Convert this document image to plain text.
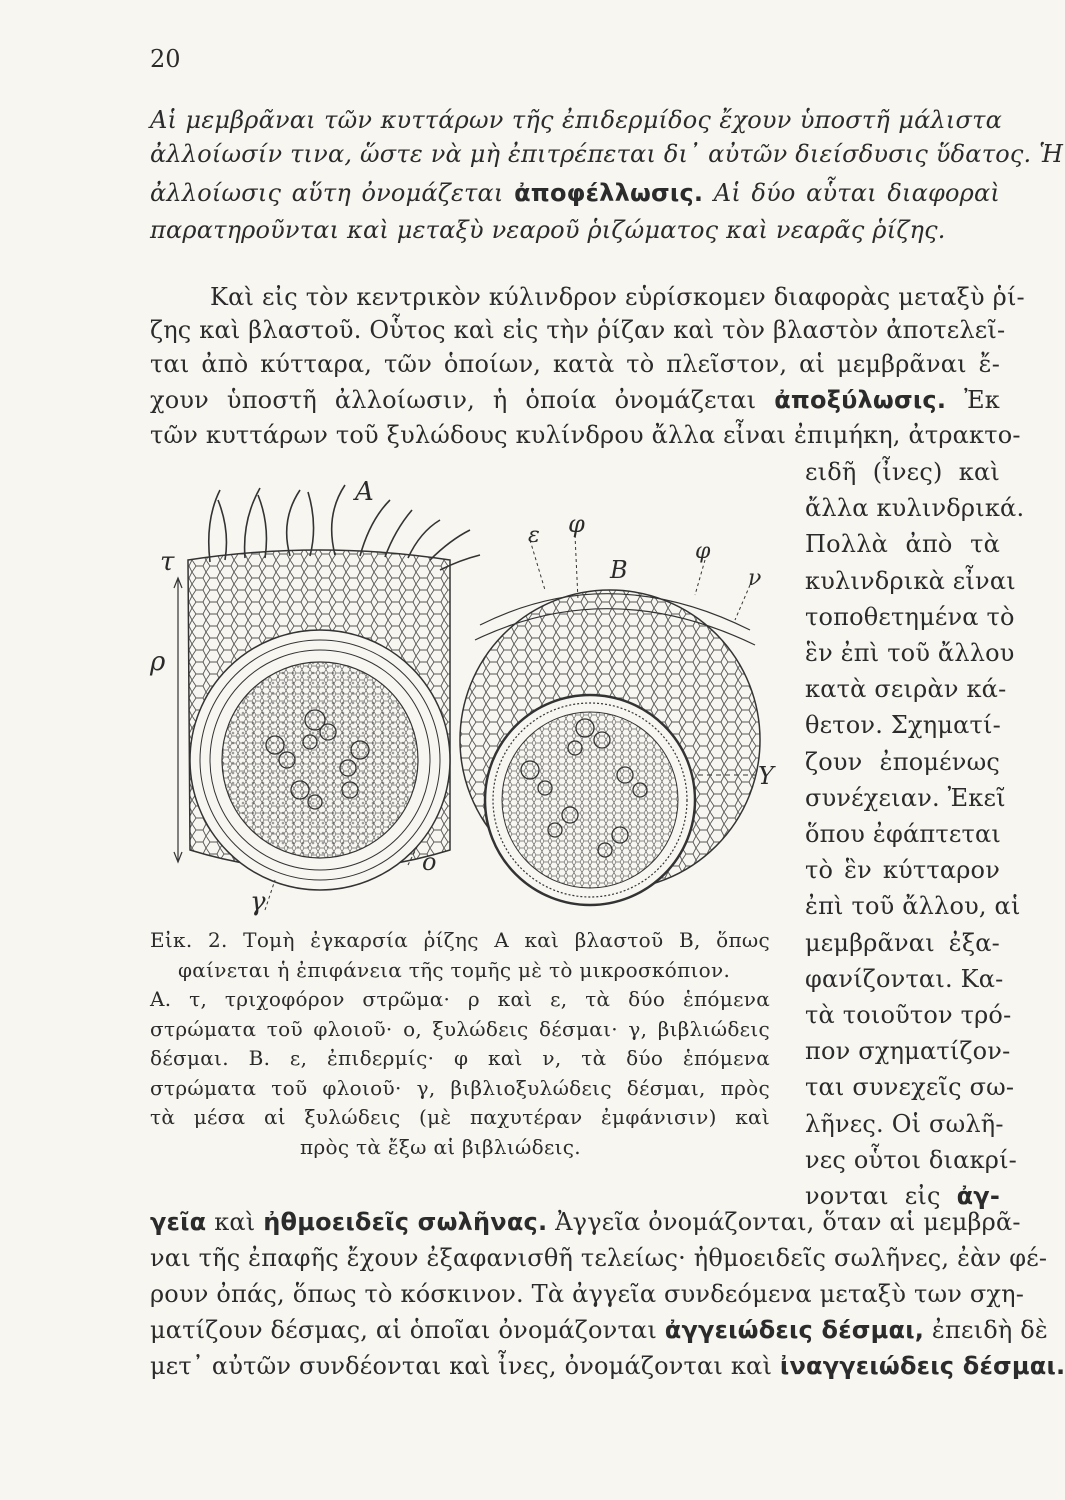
20
Αἱ μεμβρᾶναι τῶν κυττάρων τῆς ἐπιδερμίδος ἔχουν ὑποστῆ μάλιστα
ἀλλοίωσίν τινα, ὥστε νὰ μὴ ἐπιτρέπεται δι᾽ αὐτῶν διείσδυσις ὕδατος. Ἡ
ἀλλοίωσις αὕτη ὀνομάζεται ἀποφέλλωσις. Αἱ δύο αὗται διαφοραὶ
παρατηροῦνται καὶ μεταξὺ νεαροῦ ῥιζώματος καὶ νεαρᾶς ῥίζης.
Καὶ εἰς τὸν κεντρικὸν κύλινδρον εὑρίσκομεν διαφορὰς μεταξὺ ῥί-
ζης καὶ βλαστοῦ. Οὗτος καὶ εἰς τὴν ῥίζαν καὶ τὸν βλαστὸν ἀποτελεῖ-
ται ἀπὸ κύτταρα, τῶν ὁποίων, κατὰ τὸ πλεῖστον, αἱ μεμβρᾶναι ἔ-
χουν ὑποστῆ ἀλλοίωσιν, ἡ ὁποία ὀνομάζεται ἀποξύλωσις. Ἐκ
τῶν κυττάρων τοῦ ξυλώδους κυλίνδρου ἄλλα εἶναι ἐπιμήκη, ἀτρακτο-
ειδῆ (ἶνες) καὶ
ἄλλα κυλινδρικά.
Πολλὰ ἀπὸ τὰ
κυλινδρικὰ εἶναι
τοποθετημένα τὸ
ἓν ἐπὶ τοῦ ἄλλου
κατὰ σειρὰν κά-
θετον. Σχηματί-
ζουν ἐπομένως
συνέχειαν. Ἐκεῖ
ὅπου ἐφάπτεται
τὸ ἓν κύτταρον
ἐπὶ τοῦ ἄλλου, αἱ
μεμβρᾶναι ἐξα-
φανίζονται. Κα-
τὰ τοιοῦτον τρό-
πον σχηματίζον-
ται συνεχεῖς σω-
λῆνες. Οἱ σωλῆ-
νες οὗτοι διακρί-
νονται εἰς ἀγ-
A
τ
ρ
ο
γ
ε φ
B
φ
ν
Υ
Εἰκ. 2. Τομὴ ἐγκαρσία ῥίζης Α καὶ βλαστοῦ Β, ὅπως
φαίνεται ἡ ἐπιφάνεια τῆς τομῆς μὲ τὸ μικροσκόπιον.
Α. τ, τριχοφόρον στρῶμα· ρ καὶ ε, τὰ δύο ἑπόμενα
στρώματα τοῦ φλοιοῦ· ο, ξυλώδεις δέσμαι· γ, βιβλιώδεις
δέσμαι. Β. ε, ἐπιδερμίς· φ καὶ ν, τὰ δύο ἑπόμενα
στρώματα τοῦ φλοιοῦ· γ, βιβλιοξυλώδεις δέσμαι, πρὸς
τὰ μέσα αἱ ξυλώδεις (μὲ παχυτέραν ἐμφάνισιν) καὶ
πρὸς τὰ ἔξω αἱ βιβλιώδεις.
γεῖα καὶ ἠθμοειδεῖς σωλῆνας. Ἀγγεῖα ὀνομάζονται, ὅταν αἱ μεμβρᾶ-
ναι τῆς ἐπαφῆς ἔχουν ἐξαφανισθῆ τελείως· ἠθμοειδεῖς σωλῆνες, ἐὰν φέ-
ρουν ὀπάς, ὅπως τὸ κόσκινον. Τὰ ἀγγεῖα συνδεόμενα μεταξὺ των σχη-
ματίζουν δέσμας, αἱ ὁποῖαι ὀνομάζονται ἀγγειώδεις δέσμαι, ἐπειδὴ δὲ
μετ᾽ αὐτῶν συνδέονται καὶ ἶνες, ὀνομάζονται καὶ ἰναγγειώδεις δέσμαι.
